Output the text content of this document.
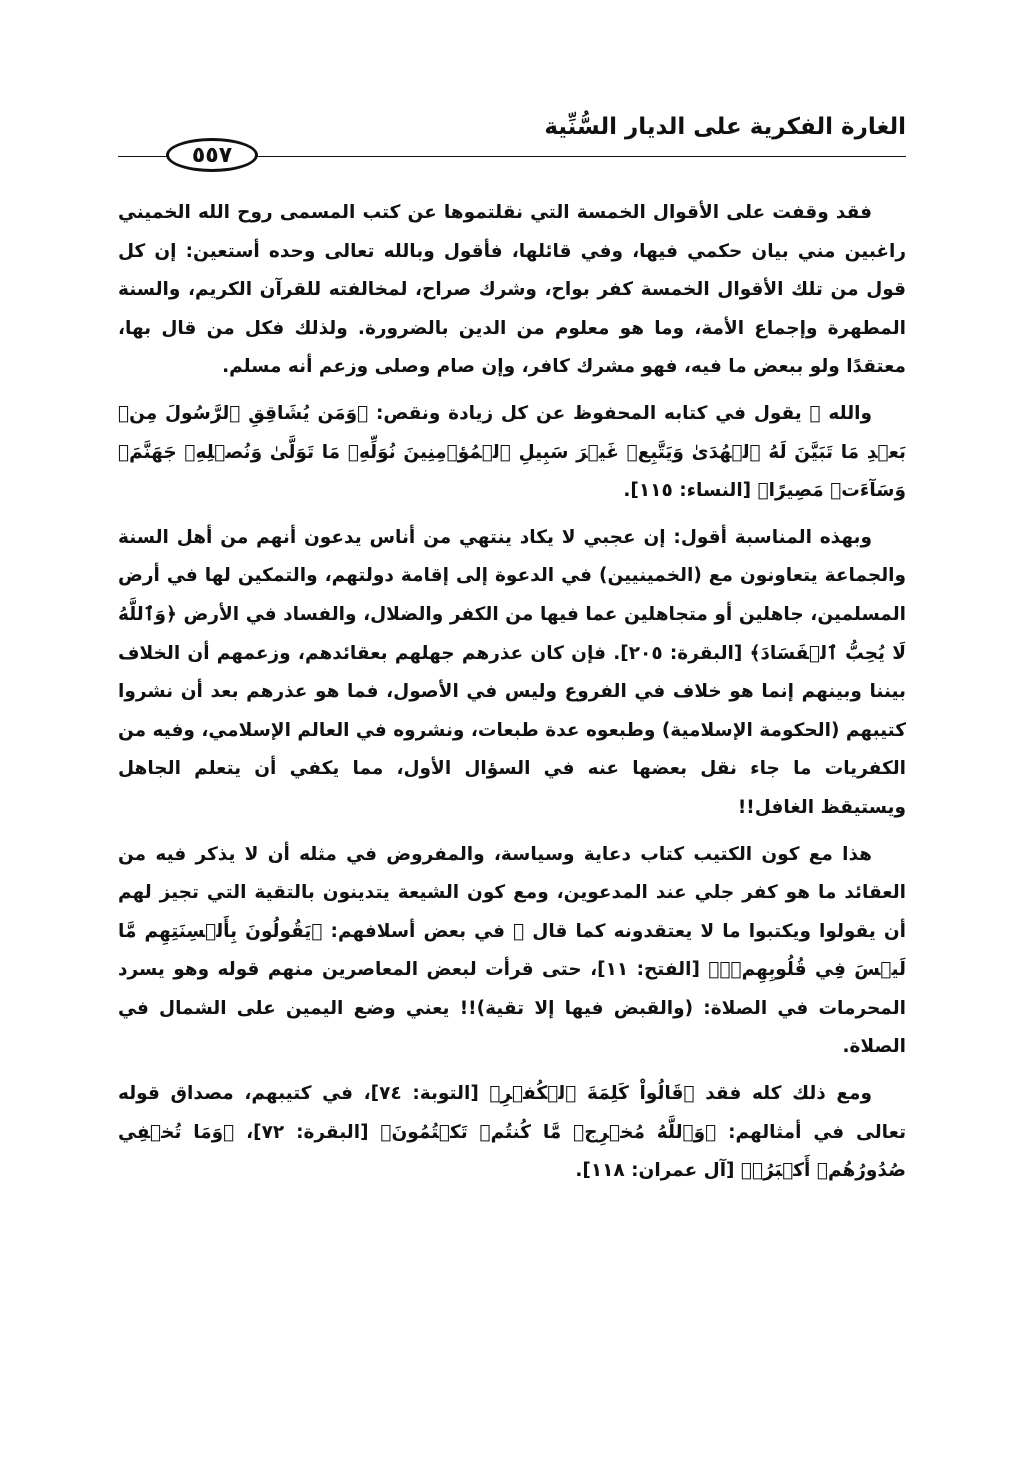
الغارة الفكرية على الديار السُّنِّية
٥٥٧

فقد وقفت على الأقوال الخمسة التي نقلتموها عن كتب المسمى روح الله الخميني راغبين مني بيان حكمي فيها، وفي قائلها، فأقول وبالله تعالى وحده أستعين: إن كل قول من تلك الأقوال الخمسة كفر بواح، وشرك صراح، لمخالفته للقرآن الكريم، والسنة المطهرة وإجماع الأمة، وما هو معلوم من الدين بالضرورة. ولذلك فكل من قال بها، معتقدًا ولو ببعض ما فيه، فهو مشرك كافر، وإن صام وصلى وزعم أنه مسلم.

والله ﷻ يقول في كتابه المحفوظ عن كل زيادة ونقص: ﴿وَمَن يُشَاقِقِ ٱلرَّسُولَ مِنۢ بَعۡدِ مَا تَبَيَّنَ لَهُ ٱلۡهُدَىٰ وَيَتَّبِعۡ غَيۡرَ سَبِيلِ ٱلۡمُؤۡمِنِينَ نُوَلِّهِۦ مَا تَوَلَّىٰ وَنُصۡلِهِۦ جَهَنَّمَۖ وَسَآءَتۡ مَصِيرًا﴾ [النساء: ١١٥].

وبهذه المناسبة أقول: إن عجبي لا يكاد ينتهي من أناس يدعون أنهم من أهل السنة والجماعة يتعاونون مع (الخمينيين) في الدعوة إلى إقامة دولتهم، والتمكين لها في أرض المسلمين، جاهلين أو متجاهلين عما فيها من الكفر والضلال، والفساد في الأرض ﴿وَٱللَّهُ لَا يُحِبُّ ٱلۡفَسَادَ﴾ [البقرة: ٢٠٥]. فإن كان عذرهم جهلهم بعقائدهم، وزعمهم أن الخلاف بيننا وبينهم إنما هو خلاف في الفروع وليس في الأصول، فما هو عذرهم بعد أن نشروا كتيبهم (الحكومة الإسلامية) وطبعوه عدة طبعات، ونشروه في العالم الإسلامي، وفيه من الكفريات ما جاء نقل بعضها عنه في السؤال الأول، مما يكفي أن يتعلم الجاهل ويستيقظ الغافل!!

هذا مع كون الكتيب كتاب دعاية وسياسة، والمفروض في مثله أن لا يذكر فيه من العقائد ما هو كفر جلي عند المدعوين، ومع كون الشيعة يتدينون بالتقية التي تجيز لهم أن يقولوا ويكتبوا ما لا يعتقدونه كما قال ﷻ في بعض أسلافهم: ﴿يَقُولُونَ بِأَلۡسِنَتِهِم مَّا لَيۡسَ فِي قُلُوبِهِمۡۚ﴾ [الفتح: ١١]، حتى قرأت لبعض المعاصرين منهم قوله وهو يسرد المحرمات في الصلاة: (والقبض فيها إلا تقية)!! يعني وضع اليمين على الشمال في الصلاة.

ومع ذلك كله فقد ﴿قَالُواْ كَلِمَةَ ٱلۡكُفۡرِ﴾ [التوبة: ٧٤]، في كتيبهم، مصداق قوله تعالى في أمثالهم: ﴿وَٱللَّهُ مُخۡرِجٞ مَّا كُنتُمۡ تَكۡتُمُونَ﴾ [البقرة: ٧٢]، ﴿وَمَا تُخۡفِي صُدُورُهُمۡ أَكۡبَرُۚ﴾ [آل عمران: ١١٨].
